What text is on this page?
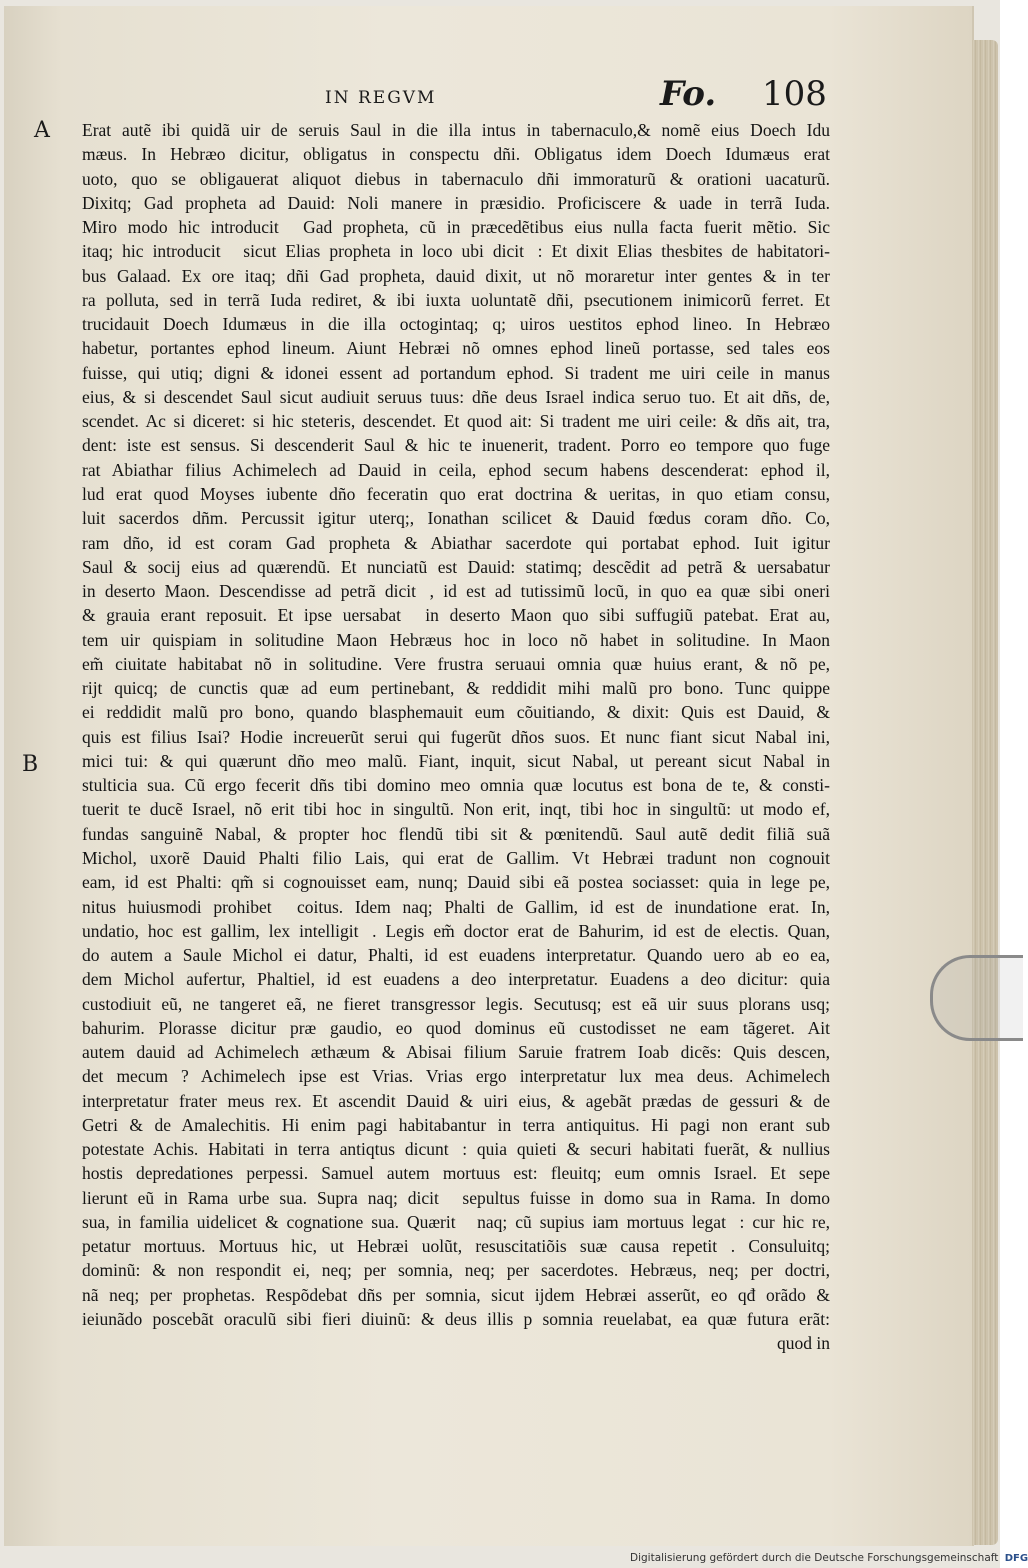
IN REGVM	Fo. 108
A
B
Erat autẽ ibi quidã uir de seruis Saul in die illa intus in tabernaculo,& nomẽ eius Doech Idu
mæus. In Hebræo dicitur, obligatus in conspectu dñi. Obligatus idem Doech Idumæus erat
uoto, quo se obligauerat aliquot diebus in tabernaculo dñi immoraturũ & orationi uacaturũ.
Dixitq; Gad propheta ad Dauid: Noli manere in præsidio. Proficiscere & uade in terrã Iuda.
Miro modo hic introducit᷑ Gad propheta, cũ in præcedẽtibus eius nulla facta fuerit mẽtio. Sic
itaq; hic introducit᷑ sicut Elias propheta in loco ubi dicit᷑: Et dixit Elias thesbites de habitatori-
bus Galaad. Ex ore itaq; dñi Gad propheta, dauid dixit, ut nõ moraretur inter gentes & in ter
ra polluta, sed in terrã Iuda rediret, & ibi iuxta uoluntatẽ dñi, psecutionem inimicorũ ferret. Et
trucidauit Doech Idumæus in die illa octogintaq; q; uiros uestitos ephod lineo. In Hebræo
habetur, portantes ephod lineum. Aiunt Hebræi nõ omnes ephod lineũ portasse, sed tales eos
fuisse, qui utiq; digni & idonei essent ad portandum ephod. Si tradent me uiri ceile in manus
eius, & si descendet Saul sicut audiuit seruus tuus: dñe deus Israel indica seruo tuo. Et ait dñs, de,
scendet. Ac si diceret: si hic steteris, descendet. Et quod ait: Si tradent me uiri ceile: & dñs ait, tra,
dent: iste est sensus. Si descenderit Saul & hic te inuenerit, tradent. Porro eo tempore quo fuge
rat Abiathar filius Achimelech ad Dauid in ceila, ephod secum habens descenderat: ephod il,
lud erat quod Moyses iubente dño feceratin quo erat doctrina & ueritas, in quo etiam consu,
luit sacerdos dñm. Percussit igitur uterq;, Ionathan scilicet & Dauid fœdus coram dño. Co,
ram dño, id est coram Gad propheta & Abiathar sacerdote qui portabat ephod. Iuit igitur
Saul & socij eius ad quærendũ. Et nunciatũ est Dauid: statimq; descẽdit ad petrã & uersabatur
in deserto Maon. Descendisse ad petrã dicit᷑, id est ad tutissimũ locũ, in quo ea quæ sibi oneri
& grauia erant reposuit. Et ipse uersabat᷑ in deserto Maon quo sibi suffugiũ patebat. Erat au,
tem uir quispiam in solitudine Maon Hebræus hoc in loco nõ habet in solitudine. In Maon
em̃ ciuitate habitabat nõ in solitudine. Vere frustra seruaui omnia quæ huius erant, & nõ pe,
rijt quicq; de cunctis quæ ad eum pertinebant, & reddidit mihi malũ pro bono. Tunc quippe
ei reddidit malũ pro bono, quando blasphemauit eum cõuitiando, & dixit: Quis est Dauid, &
quis est filius Isai? Hodie increuerũt serui qui fugerũt dños suos. Et nunc fiant sicut Nabal ini,
mici tui: & qui quærunt dño meo malũ. Fiant, inquit, sicut Nabal, ut pereant sicut Nabal in
stulticia sua. Cũ ergo fecerit dñs tibi domino meo omnia quæ locutus est bona de te, & consti-
tuerit te ducẽ Israel, nõ erit tibi hoc in singultũ. Non erit, inqt, tibi hoc in singultũ: ut modo ef,
fundas sanguinẽ Nabal, & propter hoc flendũ tibi sit & pœnitendũ. Saul autẽ dedit filiã suã
Michol, uxorẽ Dauid Phalti filio Lais, qui erat de Gallim. Vt Hebræi tradunt non cognouit
eam, id est Phalti: qm̃ si cognouisset eam, nunq; Dauid sibi eã postea sociasset: quia in lege pe,
nitus huiusmodi prohibet᷑ coitus. Idem naq; Phalti de Gallim, id est de inundatione erat. In,
undatio, hoc est gallim, lex intelligit᷑. Legis em̃ doctor erat de Bahurim, id est de electis. Quan,
do autem a Saule Michol ei datur, Phalti, id est euadens interpretatur. Quando uero ab eo ea,
dem Michol aufertur, Phaltiel, id est euadens a deo interpretatur. Euadens a deo dicitur: quia
custodiuit eũ, ne tangeret eã, ne fieret transgressor legis. Secutusq; est eã uir suus plorans usq;
bahurim. Plorasse dicitur præ gaudio, eo quod dominus eũ custodisset ne eam tãgeret. Ait
autem dauid ad Achimelech æthæum & Abisai filium Saruie fratrem Ioab dicẽs: Quis descen,
det mecum ? Achimelech ipse est Vrias. Vrias ergo interpretatur lux mea deus. Achimelech
interpretatur frater meus rex. Et ascendit Dauid & uiri eius, & agebãt prædas de gessuri & de
Getri & de Amalechitis. Hi enim pagi habitabantur in terra antiquitus. Hi pagi non erant sub
potestate Achis. Habitati in terra antiqtus dicunt᷑: quia quieti & securi habitati fuerãt, & nullius
hostis depredationes perpessi. Samuel autem mortuus est: fleuitq; eum omnis Israel. Et sepe
lierunt eũ in Rama urbe sua. Supra naq; dicit᷑ sepultus fuisse in domo sua in Rama. In domo
sua, in familia uidelicet & cognatione sua. Quærit᷑ naq; cũ supius iam mortuus legat᷑: cur hic re,
petatur mortuus. Mortuus hic, ut Hebræi uolũt, resuscitatiõis suæ causa repetit᷑. Consuluitq;
dominũ: & non respondit ei, neq; per somnia, neq; per sacerdotes. Hebræus, neq; per doctri,
nã neq; per prophetas. Respõdebat dñs per somnia, sicut ijdem Hebræi asserũt, eo qđ orãdo &
ieiunãdo poscebãt oraculũ sibi fieri diuinũ: & deus illis p somnia reuelabat, ea quæ futura erãt:
quod in
Digitalisierung gefördert durch die Deutsche Forschungsgemeinschaft DFG
